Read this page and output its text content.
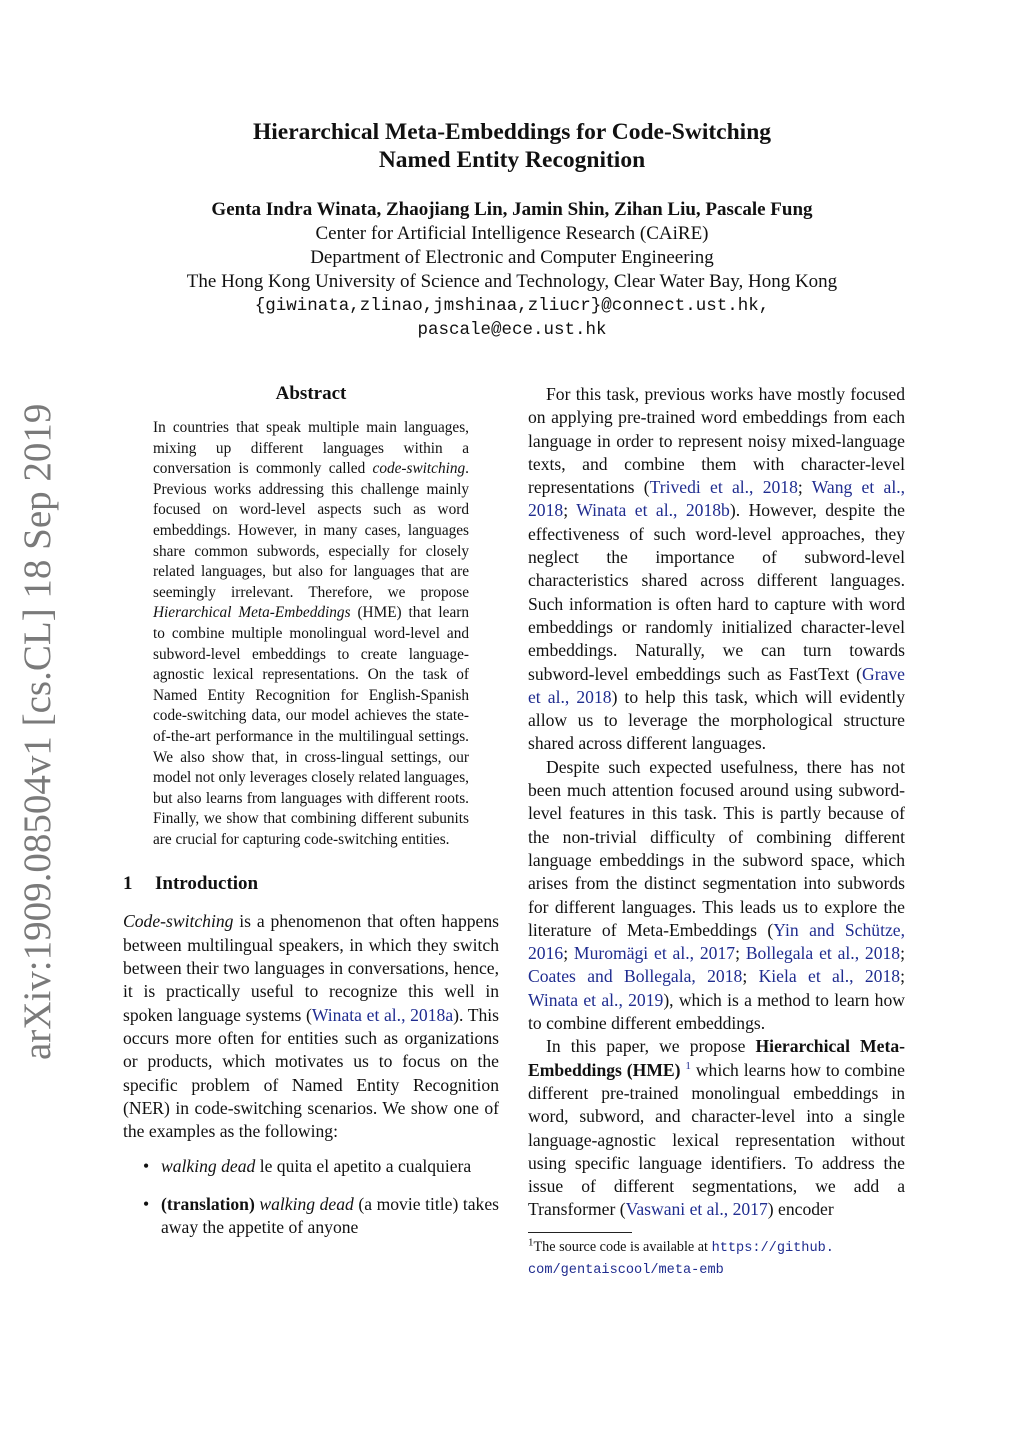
arXiv:1909.08504v1 [cs.CL] 18 Sep 2019
Hierarchical Meta-Embeddings for Code-Switching
Named Entity Recognition
Genta Indra Winata, Zhaojiang Lin, Jamin Shin, Zihan Liu, Pascale Fung
Center for Artificial Intelligence Research (CAiRE)
Department of Electronic and Computer Engineering
The Hong Kong University of Science and Technology, Clear Water Bay, Hong Kong
{giwinata,zlinao,jmshinaa,zliucr}@connect.ust.hk,
pascale@ece.ust.hk
Abstract
In countries that speak multiple main languages, mixing up different languages within a conversation is commonly called code-switching. Previous works addressing this challenge mainly focused on word-level aspects such as word embeddings. However, in many cases, languages share common subwords, especially for closely related languages, but also for languages that are seemingly irrelevant. Therefore, we propose Hierarchical Meta-Embeddings (HME) that learn to combine multiple monolingual word-level and subword-level embeddings to create language-agnostic lexical representations. On the task of Named Entity Recognition for English-Spanish code-switching data, our model achieves the state-of-the-art performance in the multilingual settings. We also show that, in cross-lingual settings, our model not only leverages closely related languages, but also learns from languages with different roots. Finally, we show that combining different subunits are crucial for capturing code-switching entities.
1 Introduction

Code-switching is a phenomenon that often happens between multilingual speakers, in which they switch between their two languages in conversations, hence, it is practically useful to recognize this well in spoken language systems (Winata et al., 2018a). This occurs more often for entities such as organizations or products, which motivates us to focus on the specific problem of Named Entity Recognition (NER) in code-switching scenarios. We show one of the examples as the following:

• walking dead le quita el apetito a cualquiera
• (translation) walking dead (a movie title) takes away the appetite of anyone

For this task, previous works have mostly focused on applying pre-trained word embeddings from each language in order to represent noisy mixed-language texts, and combine them with character-level representations (Trivedi et al., 2018; Wang et al., 2018; Winata et al., 2018b). However, despite the effectiveness of such word-level approaches, they neglect the importance of subword-level characteristics shared across different languages. Such information is often hard to capture with word embeddings or randomly initialized character-level embeddings. Naturally, we can turn towards subword-level embeddings such as FastText (Grave et al., 2018) to help this task, which will evidently allow us to leverage the morphological structure shared across different languages.

Despite such expected usefulness, there has not been much attention focused around using subword-level features in this task. This is partly because of the non-trivial difficulty of combining different language embeddings in the subword space, which arises from the distinct segmentation into subwords for different languages. This leads us to explore the literature of Meta-Embeddings (Yin and Schütze, 2016; Muromägi et al., 2017; Bollegala et al., 2018; Coates and Bollegala, 2018; Kiela et al., 2018; Winata et al., 2019), which is a method to learn how to combine different embeddings.

In this paper, we propose Hierarchical Meta-Embeddings (HME) $^1$ which learns how to combine different pre-trained monolingual embeddings in word, subword, and character-level into a single language-agnostic lexical representation without using specific language identifiers. To address the issue of different segmentations, we add a Transformer (Vaswani et al., 2017) encoder

$^1$The source code is available at https://github.
com/gentaiscool/meta-emb
